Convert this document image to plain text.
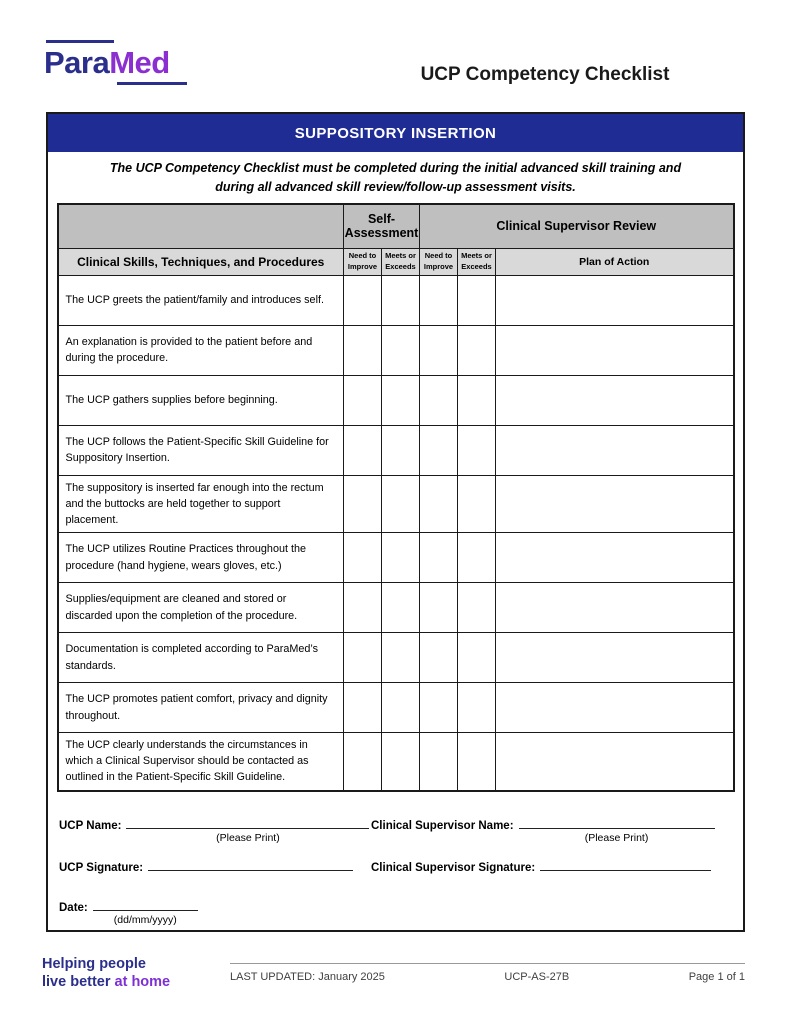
ParaMed	UCP Competency Checklist
SUPPOSITORY INSERTION

The UCP Competency Checklist must be completed during the initial advanced skill training and
during all advanced skill review/follow-up assessment visits.

	Self-Assessment		Clinical Supervisor Review		
Clinical Skills, Techniques, and Procedures	Need to Improve	Meets or Exceeds	Need to Improve	Meets or Exceeds	Plan of Action
The UCP greets the patient/family and introduces self.					
An explanation is provided to the patient before and during the procedure.					
The UCP gathers supplies before beginning.					
The UCP follows the Patient-Specific Skill Guideline for Suppository Insertion.					
The suppository is inserted far enough into the rectum and the buttocks are held together to support placement.					
The UCP utilizes Routine Practices throughout the procedure (hand hygiene, wears gloves, etc.)					
Supplies/equipment are cleaned and stored or discarded upon the completion of the procedure.					
Documentation is completed according to ParaMed’s standards.					
The UCP promotes patient comfort, privacy and dignity throughout.					
The UCP clearly understands the circumstances in which a Clinical Supervisor should be contacted as outlined in the Patient-Specific Skill Guideline.					
UCP Name:
(Please Print)
Clinical Supervisor Name:
(Please Print)
UCP Signature:	Clinical Supervisor Signature:
Date:
(dd/mm/yyyy)
Helping people
live better at home	LAST UPDATED: January 2025	UCP-AS-27B	Page 1 of 1
